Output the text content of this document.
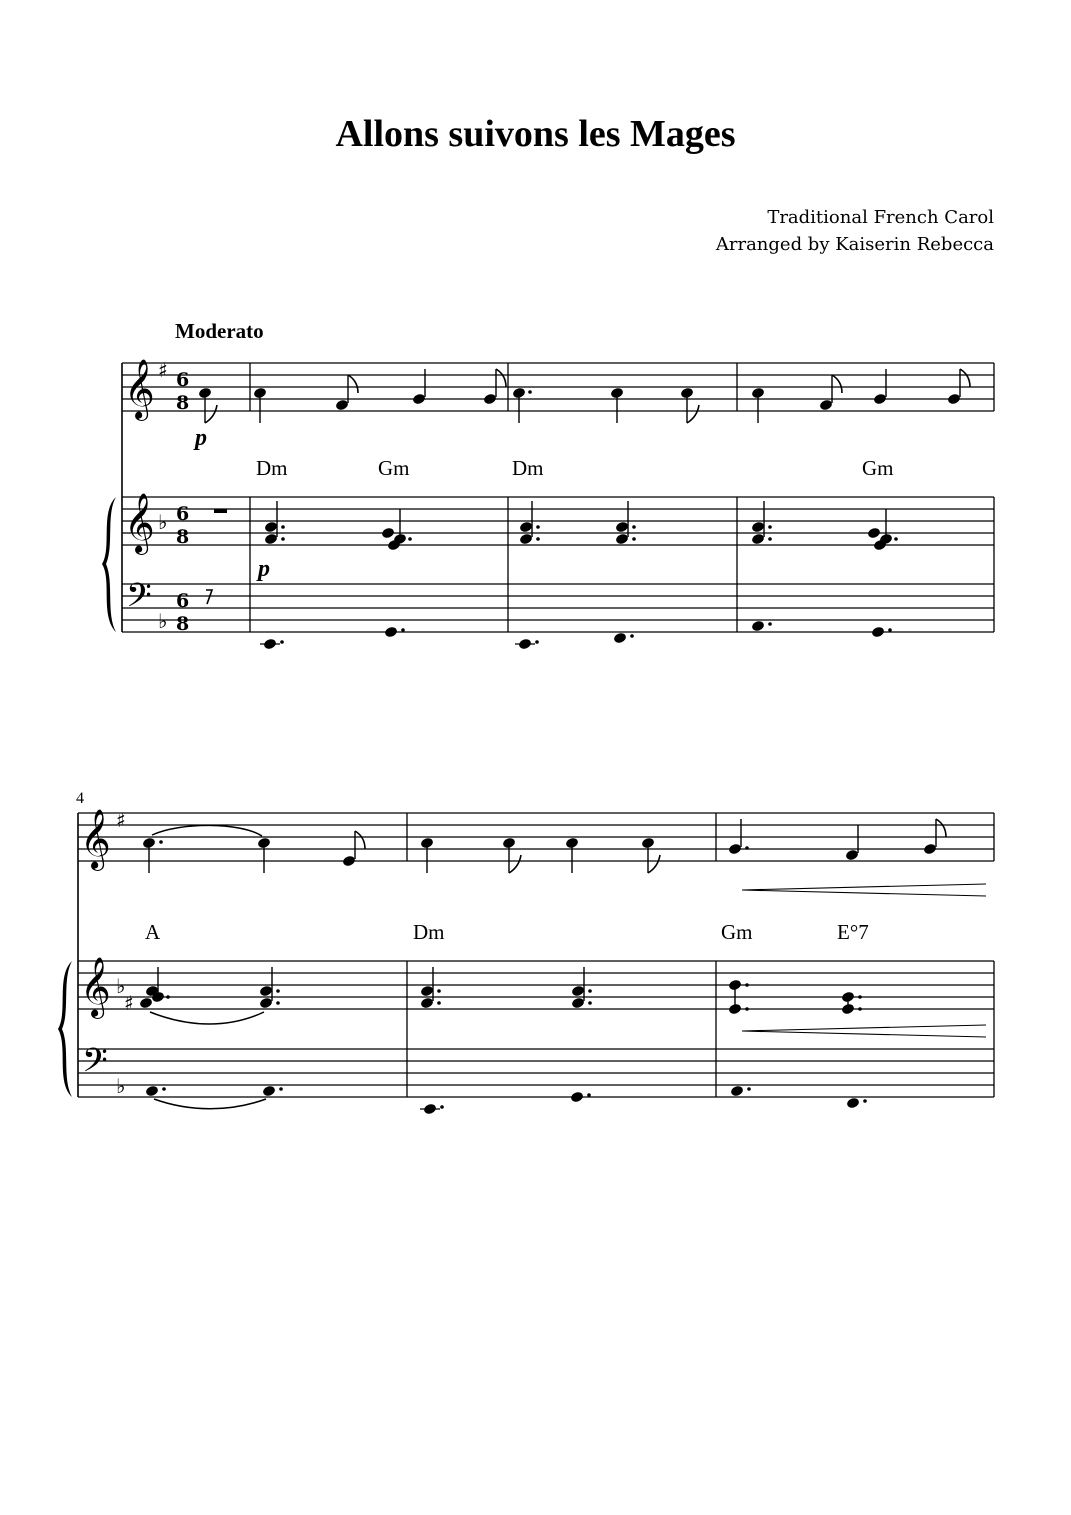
Allons suivons les Mages
Traditional French Carol
Arranged by Kaiserin Rebecca
Moderato
𝄞
𝄞
𝄢
♯
♭
♭
6
8
6
8
6
8
p
p
Dm	Gm	Dm	Gm
4
𝄞
𝄞
𝄢
♯
♭
♭
A	Dm	Gm	E°7
♯
